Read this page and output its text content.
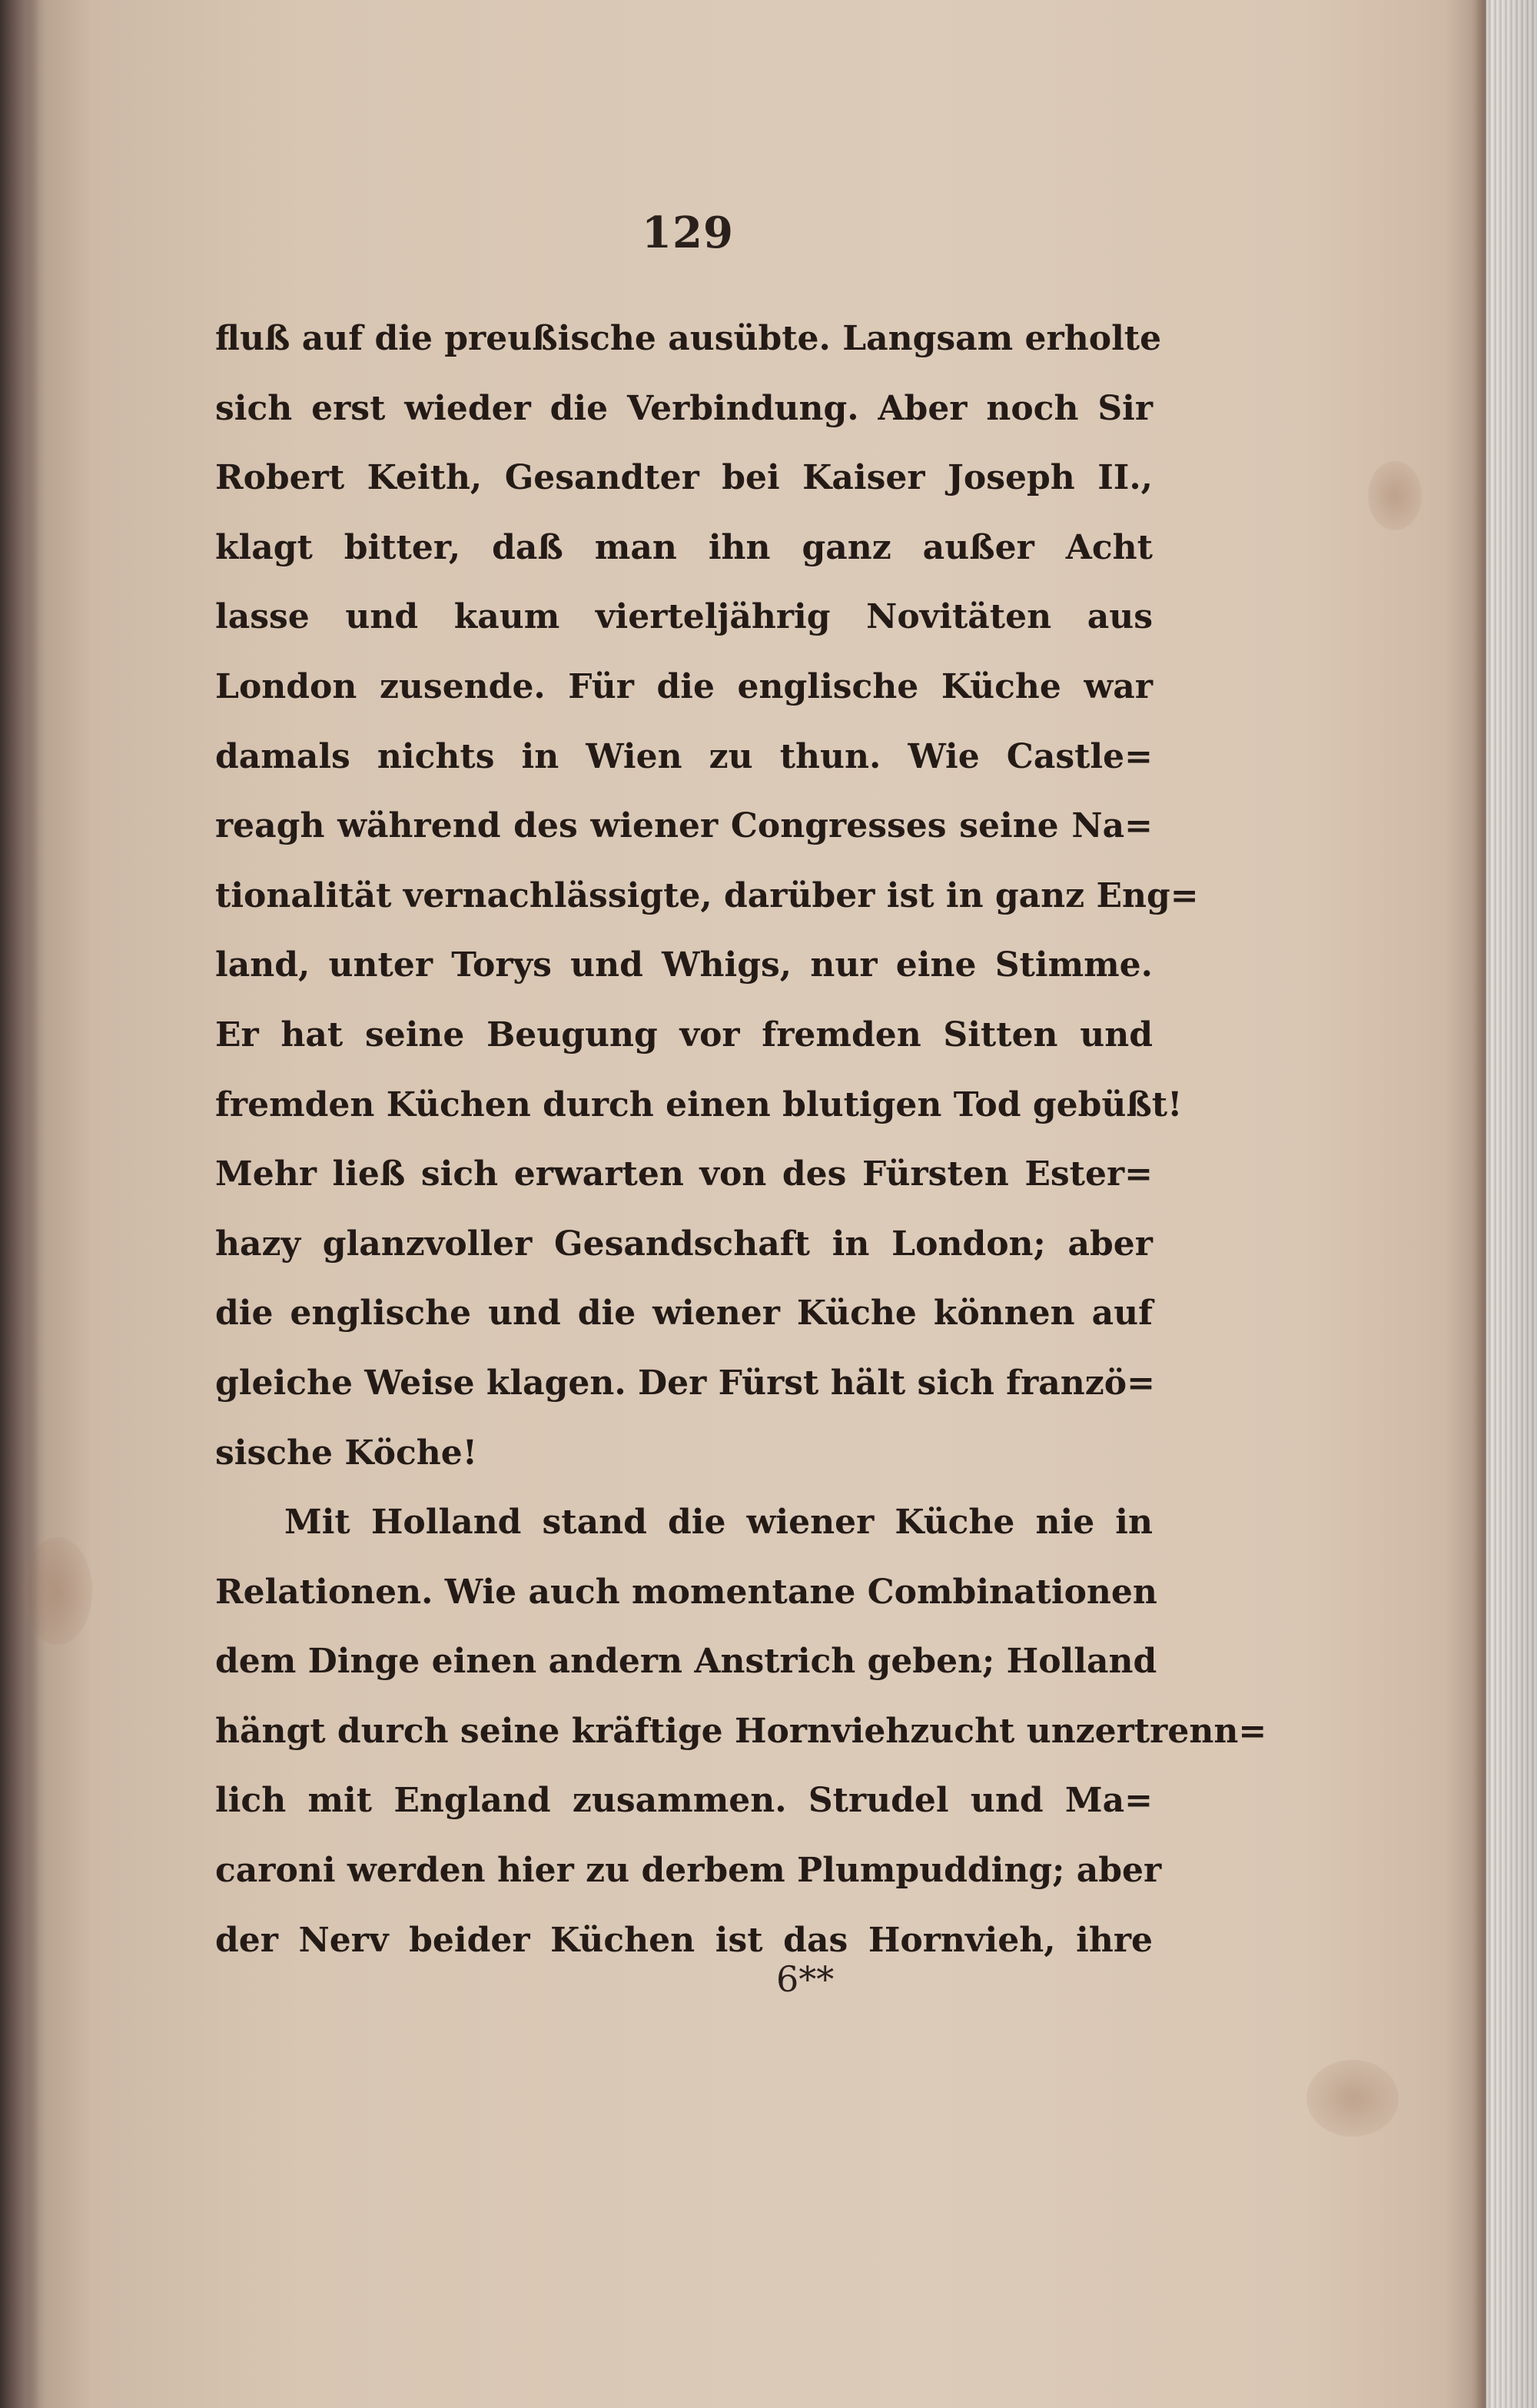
129
fluß auf die preußische ausübte. Langsam erholte
sich erst wieder die Verbindung. Aber noch Sir
Robert Keith, Gesandter bei Kaiser Joseph II.,
klagt bitter, daß man ihn ganz außer Acht
lasse und kaum vierteljährig Novitäten aus
London zusende. Für die englische Küche war
damals nichts in Wien zu thun. Wie Castle=
reagh während des wiener Congresses seine Na=
tionalität vernachlässigte, darüber ist in ganz Eng=
land, unter Torys und Whigs, nur eine Stimme.
Er hat seine Beugung vor fremden Sitten und
fremden Küchen durch einen blutigen Tod gebüßt!
Mehr ließ sich erwarten von des Fürsten Ester=
hazy glanzvoller Gesandschaft in London; aber
die englische und die wiener Küche können auf
gleiche Weise klagen. Der Fürst hält sich franzö=
sische Köche!
Mit Holland stand die wiener Küche nie in
Relationen. Wie auch momentane Combinationen
dem Dinge einen andern Anstrich geben; Holland
hängt durch seine kräftige Hornviehzucht unzertrenn=
lich mit England zusammen. Strudel und Ma=
caroni werden hier zu derbem Plumpudding; aber
der Nerv beider Küchen ist das Hornvieh, ihre
6**
